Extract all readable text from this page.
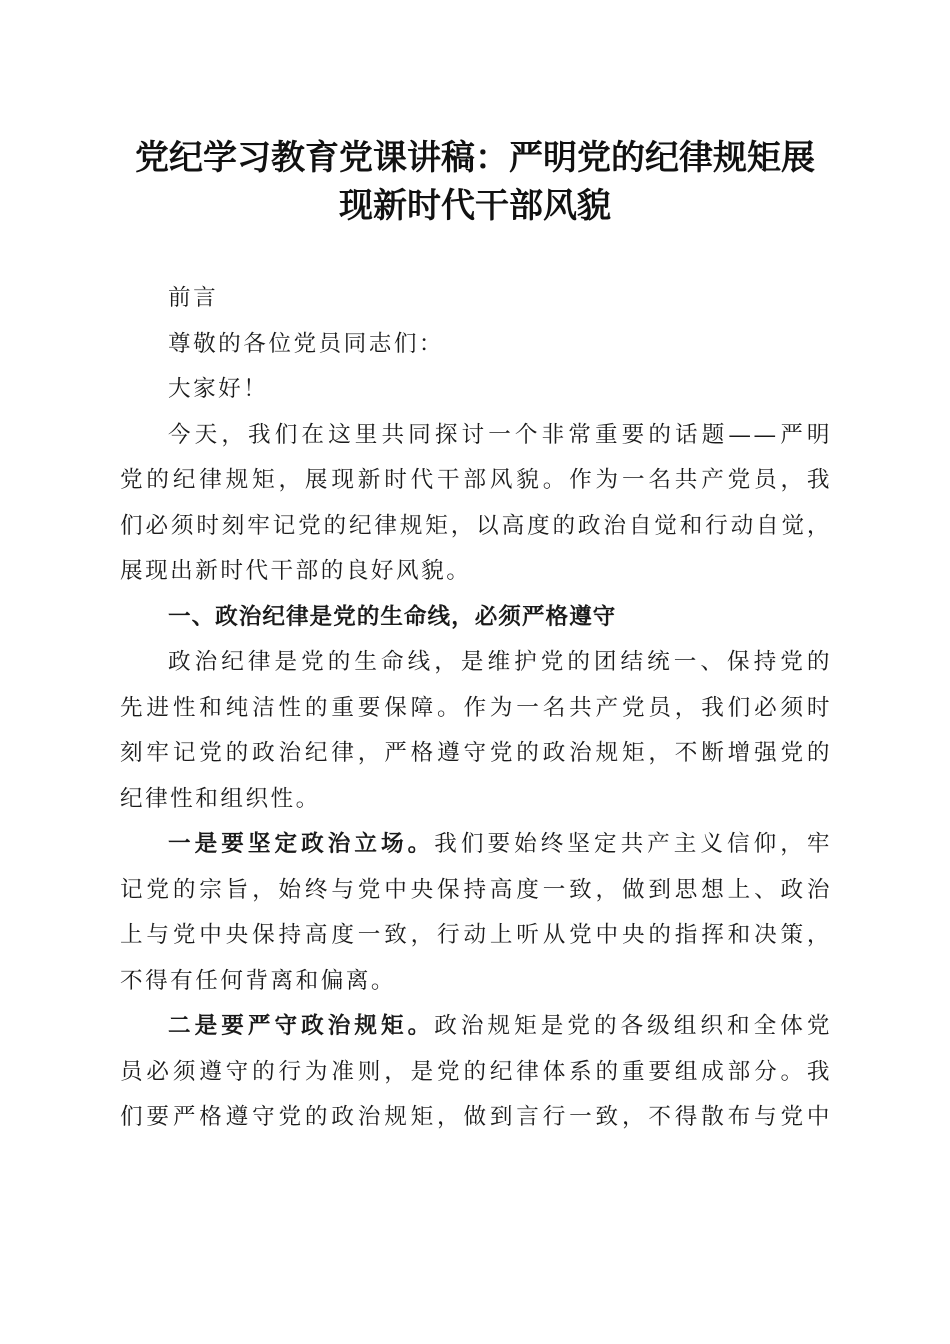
党纪学习教育党课讲稿：严明党的纪律规矩展
现新时代干部风貌

前言

尊敬的各位党员同志们：

大家好！

今天，我们在这里共同探讨一个非常重要的话题——严明
党的纪律规矩，展现新时代干部风貌。作为一名共产党员，我
们必须时刻牢记党的纪律规矩，以高度的政治自觉和行动自觉，
展现出新时代干部的良好风貌。

一、政治纪律是党的生命线，必须严格遵守

政治纪律是党的生命线，是维护党的团结统一、保持党的
先进性和纯洁性的重要保障。作为一名共产党员，我们必须时
刻牢记党的政治纪律，严格遵守党的政治规矩，不断增强党的
纪律性和组织性。

一是要坚定政治立场。我们要始终坚定共产主义信仰，牢
记党的宗旨，始终与党中央保持高度一致，做到思想上、政治
上与党中央保持高度一致，行动上听从党中央的指挥和决策，
不得有任何背离和偏离。

二是要严守政治规矩。政治规矩是党的各级组织和全体党
员必须遵守的行为准则，是党的纪律体系的重要组成部分。我
们要严格遵守党的政治规矩，做到言行一致，不得散布与党中
